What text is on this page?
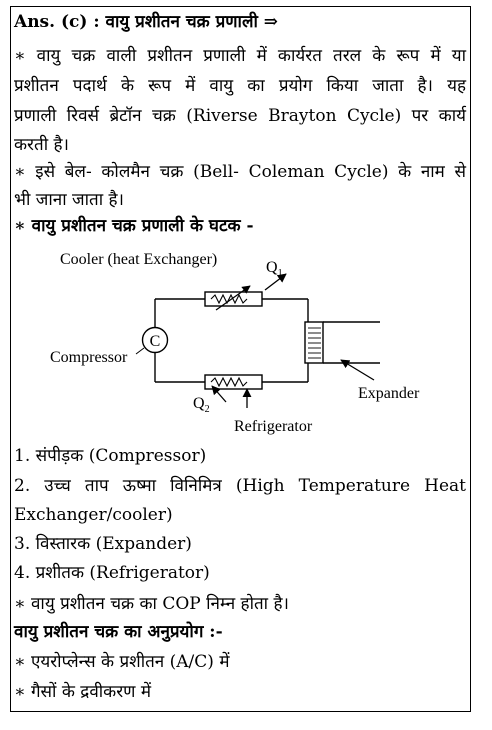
Ans. (c) : वायु प्रशीतन चक्र प्रणाली ⇒
∗ वायु चक्र वाली प्रशीतन प्रणाली में कार्यरत तरल के रूप में या
प्रशीतन पदार्थ के रूप में वायु का प्रयोग किया जाता है। यह
प्रणाली रिवर्स ब्रेटॉन चक्र (Riverse Brayton Cycle) पर कार्य
करती है।
∗ इसे बेल- कोलमैन चक्र (Bell- Coleman Cycle) के नाम से
भी जाना जाता है।
∗ वायु प्रशीतन चक्र प्रणाली के घटक -
C
Cooler (heat Exchanger)	$Q_1$
Compressor
$Q_2$
Expander
Refrigerator
1. संपीड़क (Compressor)
2. उच्च ताप ऊष्मा विनिमित्र (High Temperature Heat
Exchanger/cooler)
3. विस्तारक (Expander)
4. प्रशीतक (Refrigerator)
∗ वायु प्रशीतन चक्र का COP निम्न होता है।
वायु प्रशीतन चक्र का अनुप्रयोग :-
∗ एयरोप्लेन्स के प्रशीतन (A/C) में
∗ गैसों के द्रवीकरण में
